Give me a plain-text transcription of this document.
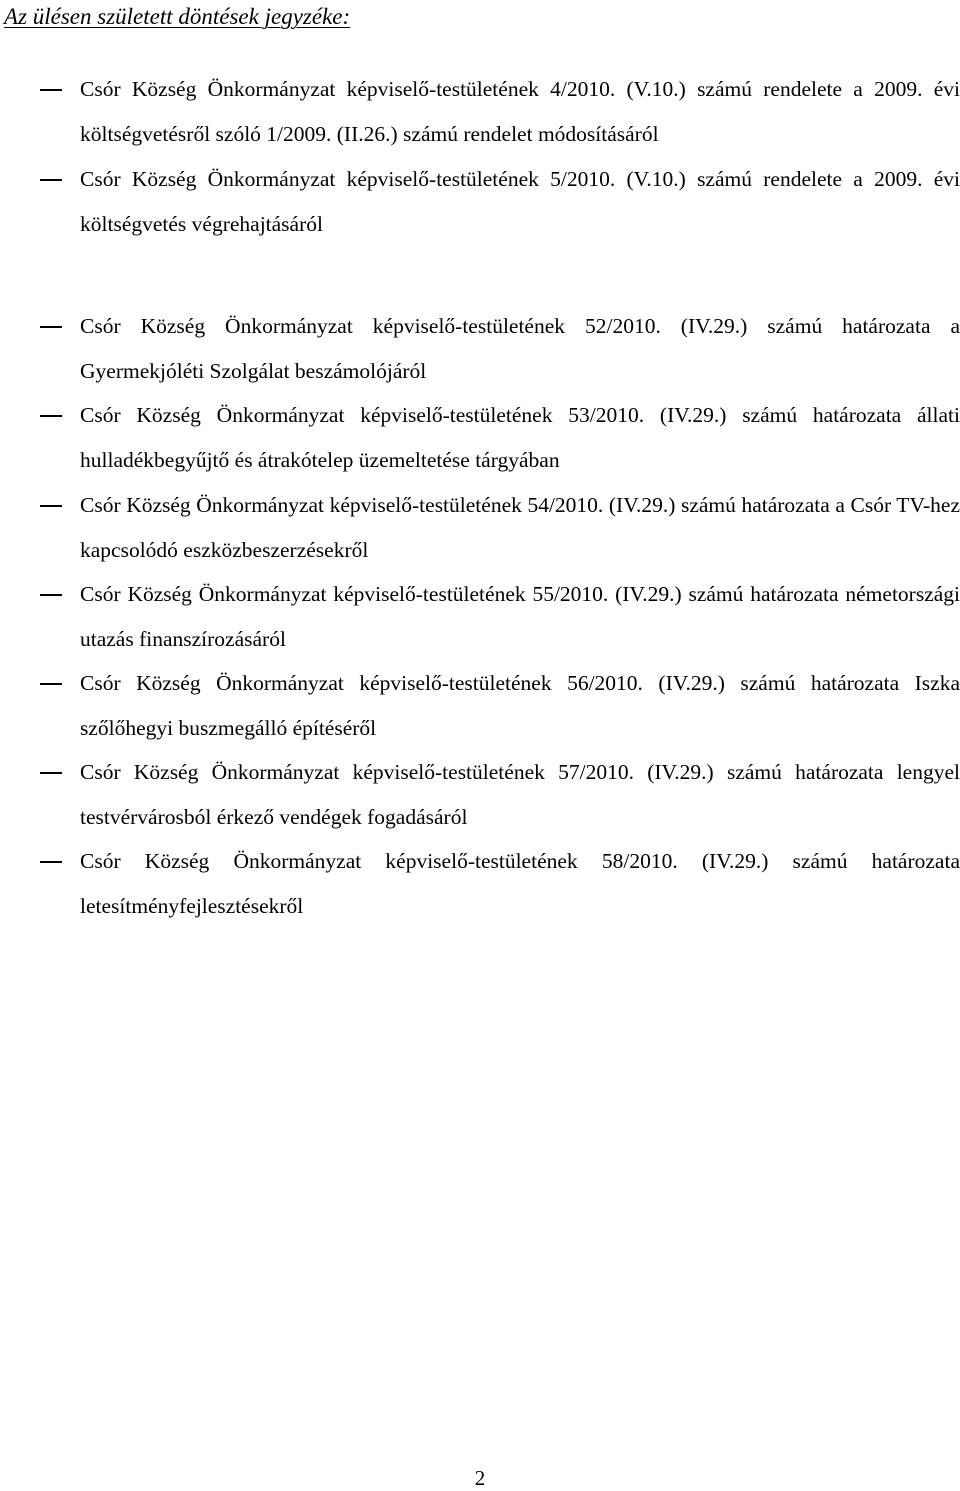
Az ülésen született döntések jegyzéke:
Csór Község Önkormányzat képviselő-testületének 4/2010. (V.10.) számú rendelete a 2009. évi költségvetésről szóló 1/2009. (II.26.) számú rendelet módosításáról
Csór Község Önkormányzat képviselő-testületének 5/2010. (V.10.) számú rendelete a 2009. évi költségvetés végrehajtásáról
Csór Község Önkormányzat képviselő-testületének 52/2010. (IV.29.) számú határozata a Gyermekjóléti Szolgálat beszámolójáról
Csór Község Önkormányzat képviselő-testületének 53/2010. (IV.29.) számú határozata állati hulladékbegyűjtő és átrakótelep üzemeltetése tárgyában
Csór Község Önkormányzat képviselő-testületének 54/2010. (IV.29.) számú határozata a Csór TV-hez kapcsolódó eszközbeszerzésekről
Csór Község Önkormányzat képviselő-testületének 55/2010. (IV.29.) számú határozata németországi utazás finanszírozásáról
Csór Község Önkormányzat képviselő-testületének 56/2010. (IV.29.) számú határozata Iszka szőlőhegyi buszmegálló építéséről
Csór Község Önkormányzat képviselő-testületének 57/2010. (IV.29.) számú határozata lengyel testvérvárosból érkező vendégek fogadásáról
Csór Község Önkormányzat képviselő-testületének 58/2010. (IV.29.) számú határozata letesítményfejlesztésekről
2
